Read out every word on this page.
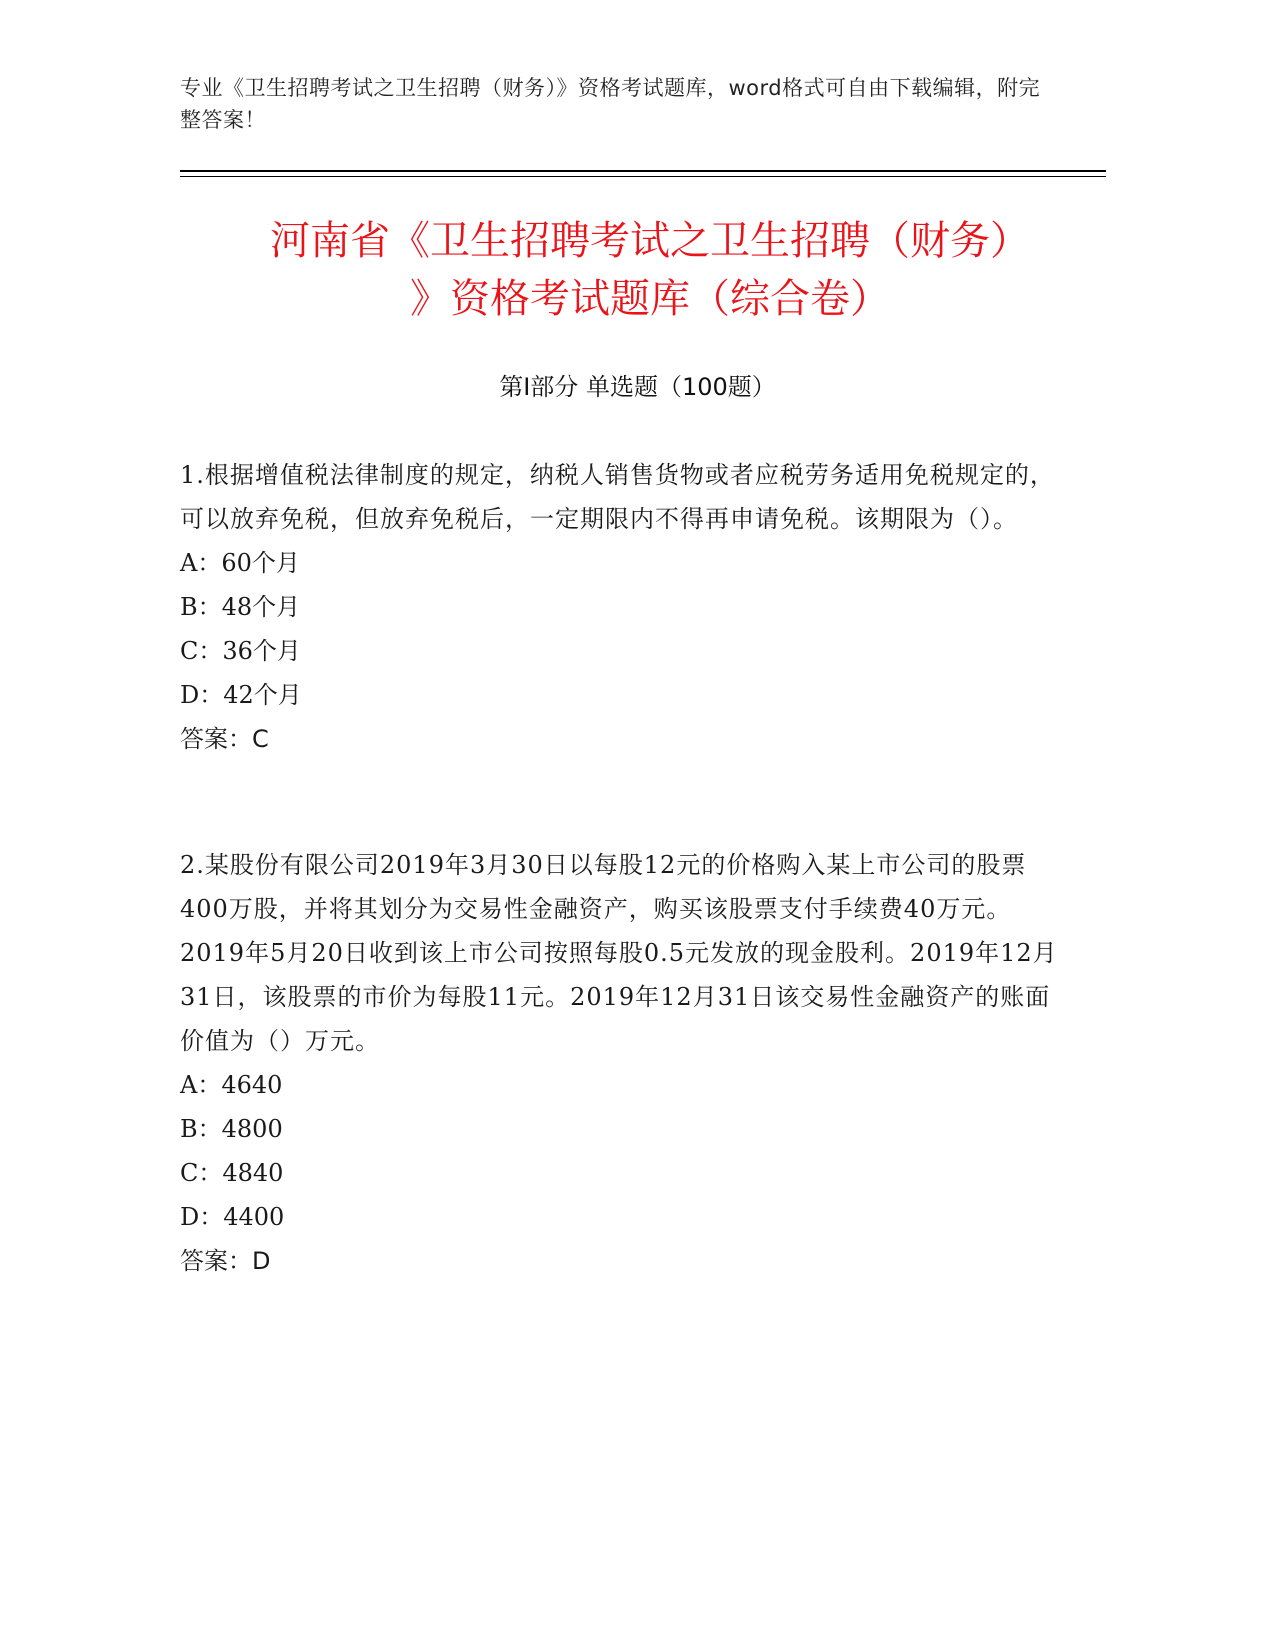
专业《卫生招聘考试之卫生招聘（财务）》资格考试题库，word格式可自由下载编辑，附完整答案！
河南省《卫生招聘考试之卫生招聘（财务）
》资格考试题库（综合卷）
第Ⅰ部分 单选题（100题）
1.根据增值税法律制度的规定，纳税人销售货物或者应税劳务适用免税规定的，可以放弃免税，但放弃免税后，一定期限内不得再申请免税。该期限为（）。
A：60个月
B：48个月
C：36个月
D：42个月
答案：C
2.某股份有限公司2019年3月30日以每股12元的价格购入某上市公司的股票400万股，并将其划分为交易性金融资产，购买该股票支付手续费40万元。2019年5月20日收到该上市公司按照每股0.5元发放的现金股利。2019年12月31日，该股票的市价为每股11元。2019年12月31日该交易性金融资产的账面价值为（）万元。
A：4640
B：4800
C：4840
D：4400
答案：D
